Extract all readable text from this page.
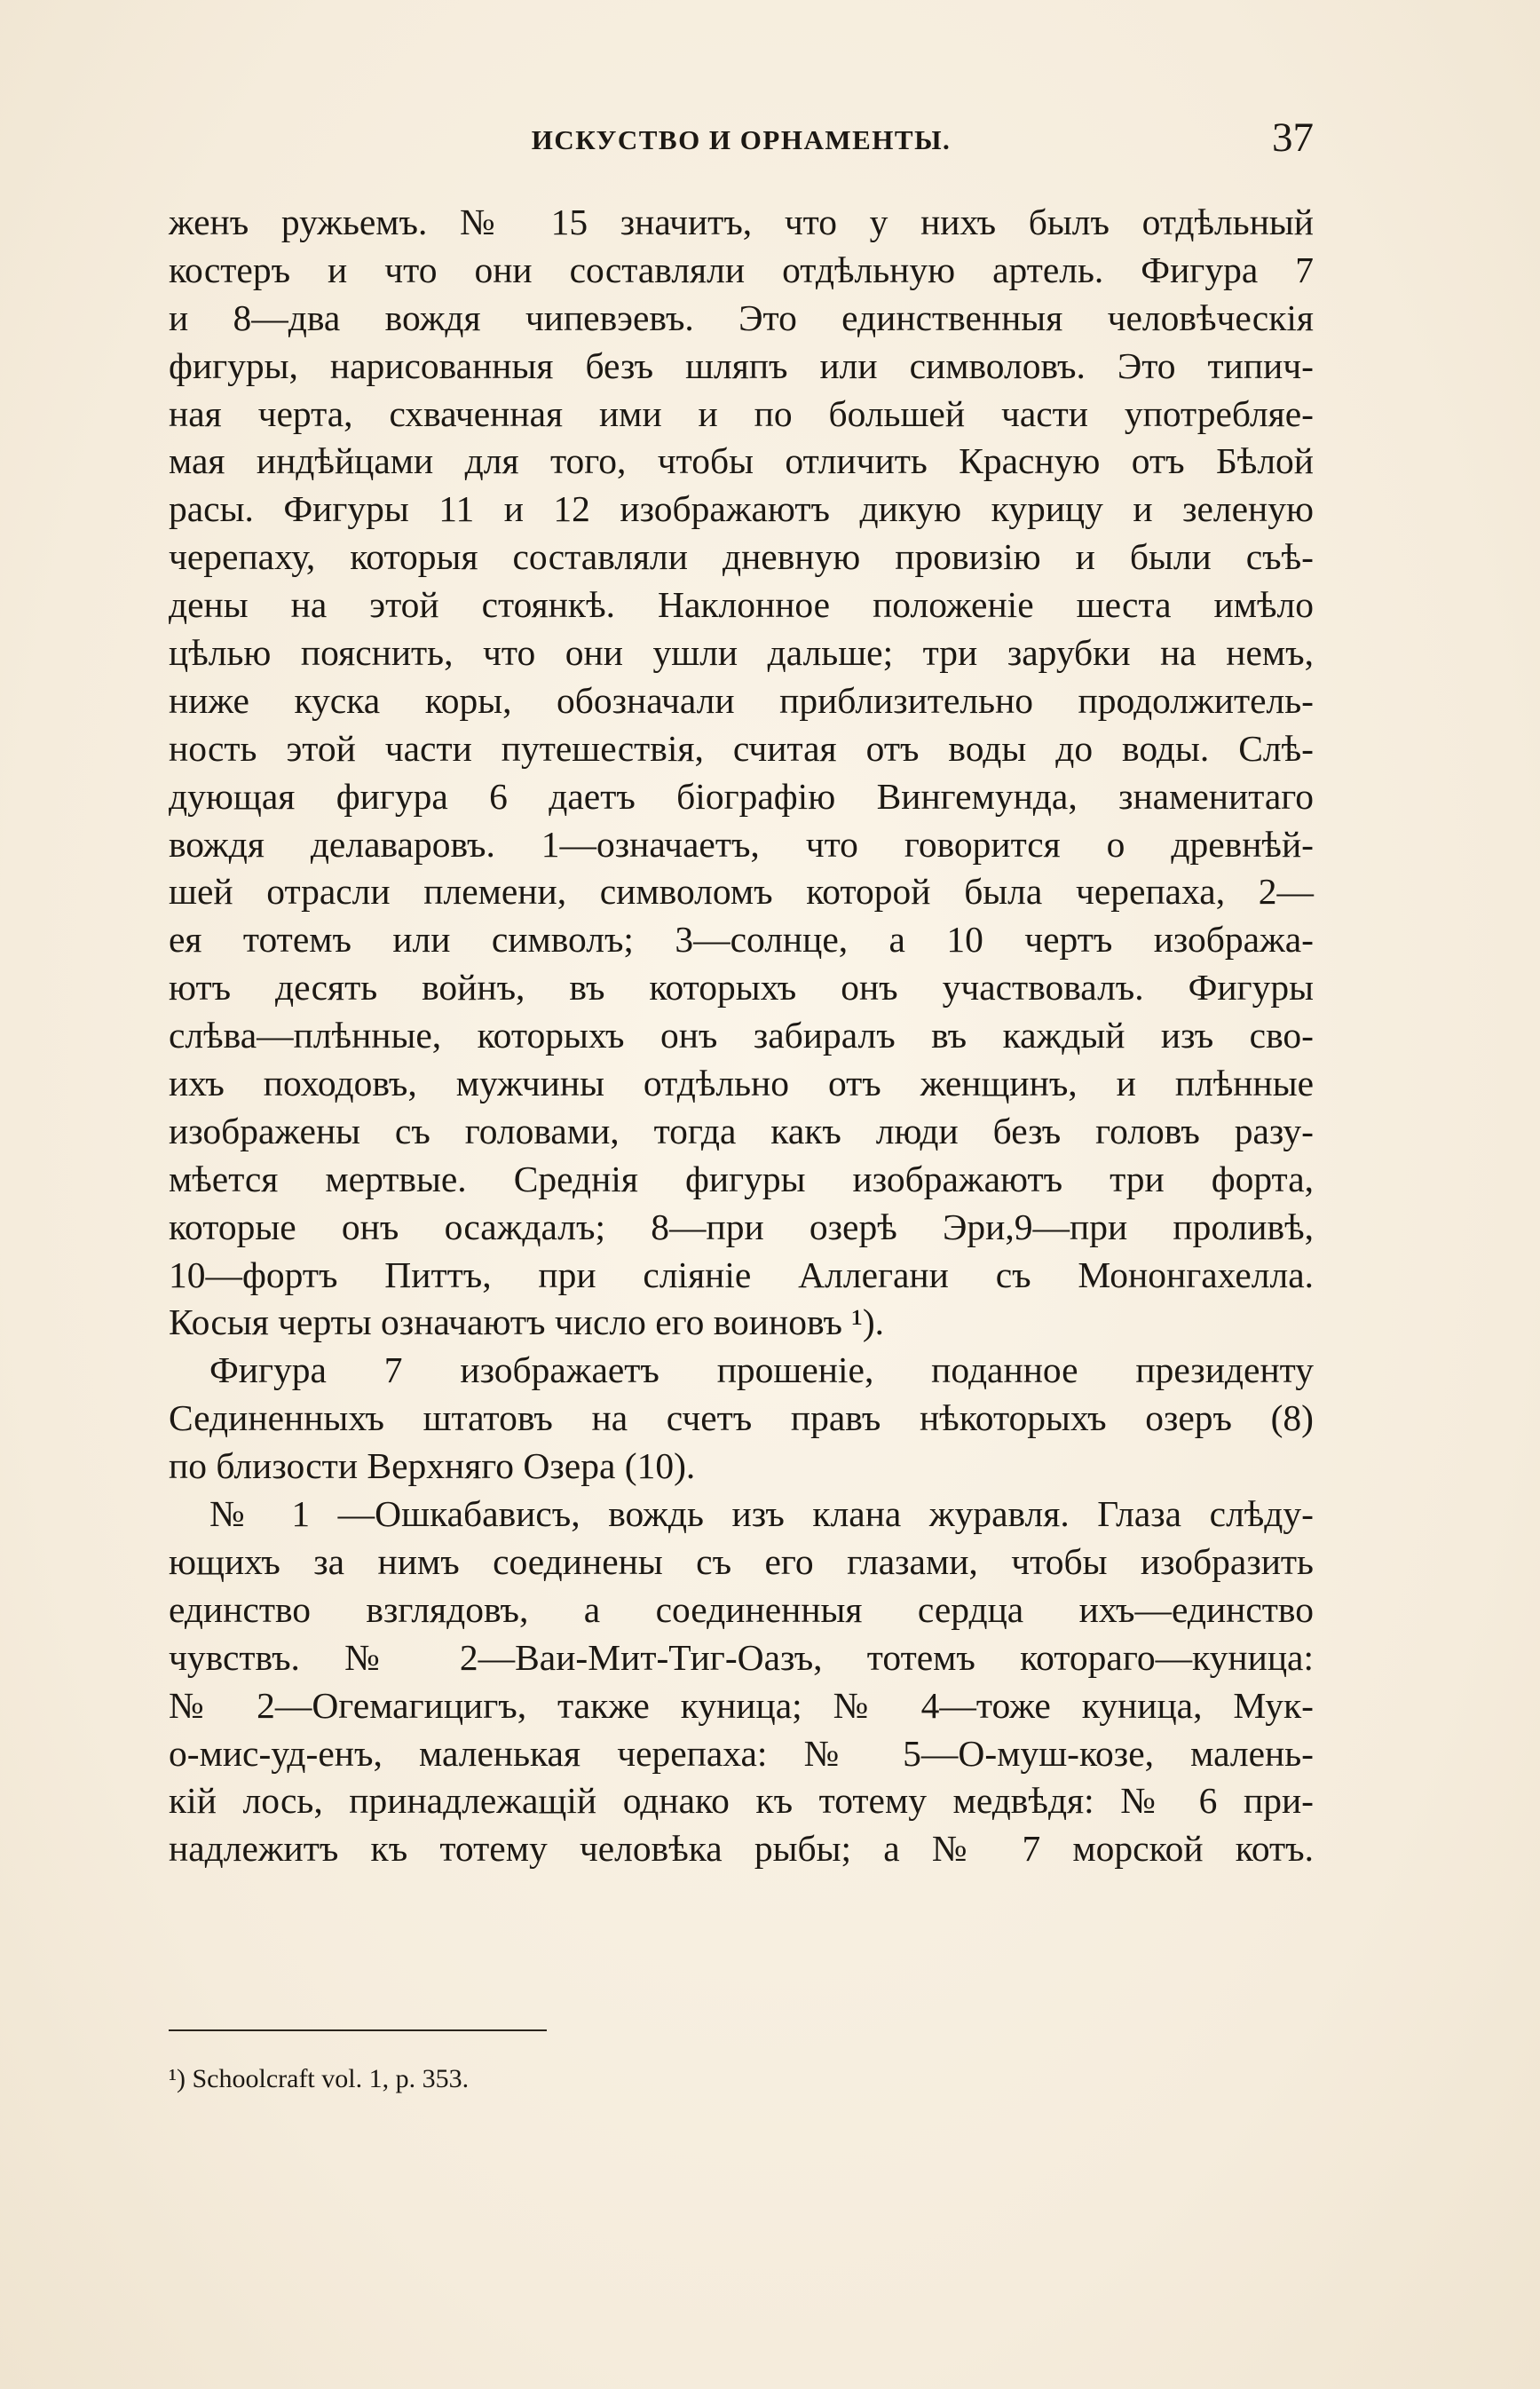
ИСКУСТВО И ОРНАМЕНТЫ.	37
женъ ружьемъ. № 15 значитъ, что у нихъ былъ отдѣльный
костеръ и что они составляли отдѣльную артель. Фигура 7
и 8—два вождя чипевэевъ. Это единственныя человѣческія
фигуры, нарисованныя безъ шляпъ или символовъ. Это типич-
ная черта, схваченная ими и по большей части употребляе-
мая индѣйцами для того, чтобы отличить Красную отъ Бѣлой
расы. Фигуры 11 и 12 изображаютъ дикую курицу и зеленую
черепаху, которыя составляли дневную провизію и были съѣ-
дены на этой стоянкѣ. Наклонное положеніе шеста имѣло
цѣлью пояснить, что они ушли дальше; три зарубки на немъ,
ниже куска коры, обозначали приблизительно продолжитель-
ность этой части путешествія, считая отъ воды до воды. Слѣ-
дующая фигура 6 даетъ біографію Вингемунда, знаменитаго
вождя делаваровъ. 1—означаетъ, что говорится о древнѣй-
шей отрасли племени, символомъ которой была черепаха, 2—
ея тотемъ или символъ; 3—солнце, а 10 чертъ изобража-
ютъ десять войнъ, въ которыхъ онъ участвовалъ. Фигуры
слѣва—плѣнные, которыхъ онъ забиралъ въ каждый изъ сво-
ихъ походовъ, мужчины отдѣльно отъ женщинъ, и плѣнные
изображены съ головами, тогда какъ люди безъ головъ разу-
мѣется мертвые. Среднія фигуры изображаютъ три форта,
которые онъ осаждалъ; 8—при озерѣ Эри,9—при проливѣ,
10—фортъ Питтъ, при сліяніе Аллегани съ Мононгахелла.
Косыя черты означаютъ число его воиновъ ¹).
Фигура 7 изображаетъ прошеніе, поданное президенту
Сединенныхъ штатовъ на счетъ правъ нѣкоторыхъ озеръ (8)
по близости Верхняго Озера (10).
№ 1 —Ошкабависъ, вождь изъ клана журавля. Глаза слѣду-
ющихъ за нимъ соединены съ его глазами, чтобы изобразить
единство взглядовъ, а соединенныя сердца ихъ—единство
чувствъ. № 2—Ваи-Мит-Тиг-Оазъ, тотемъ котораго—куница:
№ 2—Огемагицигъ, также куница; № 4—тоже куница, Мук-
о-мис-уд-енъ, маленькая черепаха: № 5—О-муш-козе, малень-
кій лось, принадлежащій однако къ тотему медвѣдя: № 6 при-
надлежитъ къ тотему человѣка рыбы; а № 7 морской котъ.
¹) Schoolcraft vol. 1, p. 353.
